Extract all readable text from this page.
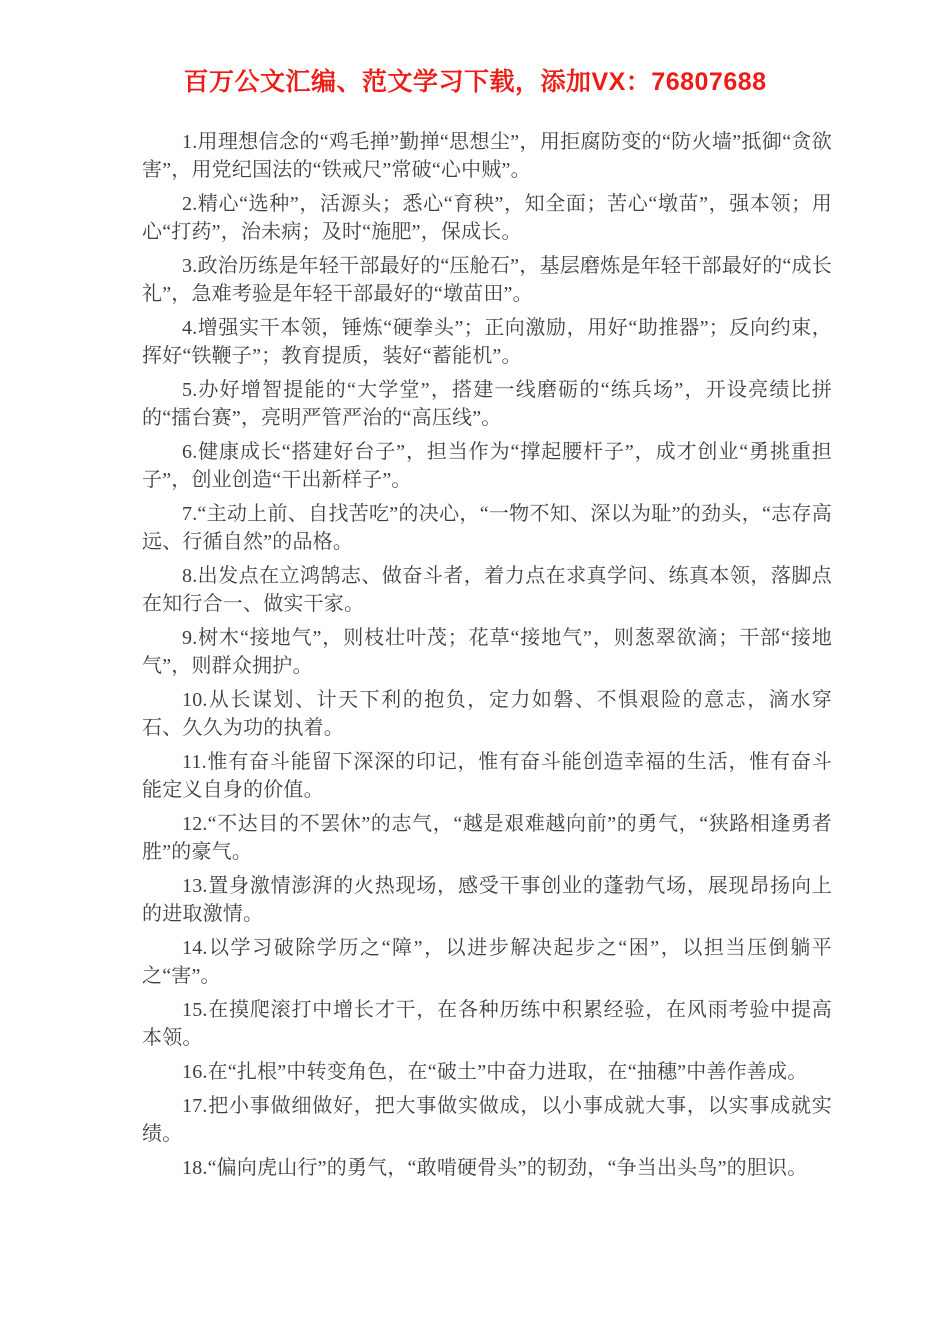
百万公文汇编、范文学习下载，添加VX：76807688

1.用理想信念的“鸡毛掸”勤掸“思想尘”，用拒腐防变的“防火墙”抵御“贪欲害”，用党纪国法的“铁戒尺”常破“心中贼”。

2.精心“选种”，活源头；悉心“育秧”，知全面；苦心“墩苗”，强本领；用心“打药”，治未病；及时“施肥”，保成长。

3.政治历练是年轻干部最好的“压舱石”，基层磨炼是年轻干部最好的“成长礼”，急难考验是年轻干部最好的“墩苗田”。

4.增强实干本领，锤炼“硬拳头”；正向激励，用好“助推器”；反向约束，挥好“铁鞭子”；教育提质，装好“蓄能机”。

5.办好增智提能的“大学堂”，搭建一线磨砺的“练兵场”，开设亮绩比拼的“擂台赛”，亮明严管严治的“高压线”。

6.健康成长“搭建好台子”，担当作为“撑起腰杆子”，成才创业“勇挑重担子”，创业创造“干出新样子”。

7.“主动上前、自找苦吃”的决心，“一物不知、深以为耻”的劲头，“志存高远、行循自然”的品格。

8.出发点在立鸿鹄志、做奋斗者，着力点在求真学问、练真本领，落脚点在知行合一、做实干家。

9.树木“接地气”，则枝壮叶茂；花草“接地气”，则葱翠欲滴；干部“接地气”，则群众拥护。

10.从长谋划、计天下利的抱负，定力如磐、不惧艰险的意志，滴水穿石、久久为功的执着。

11.惟有奋斗能留下深深的印记，惟有奋斗能创造幸福的生活，惟有奋斗能定义自身的价值。

12.“不达目的不罢休”的志气，“越是艰难越向前”的勇气，“狭路相逢勇者胜”的豪气。

13.置身激情澎湃的火热现场，感受干事创业的蓬勃气场，展现昂扬向上的进取激情。

14.以学习破除学历之“障”，以进步解决起步之“困”，以担当压倒躺平之“害”。

15.在摸爬滚打中增长才干，在各种历练中积累经验，在风雨考验中提高本领。

16.在“扎根”中转变角色，在“破土”中奋力进取，在“抽穗”中善作善成。

17.把小事做细做好，把大事做实做成，以小事成就大事，以实事成就实绩。

18.“偏向虎山行”的勇气，“敢啃硬骨头”的韧劲，“争当出头鸟”的胆识。
